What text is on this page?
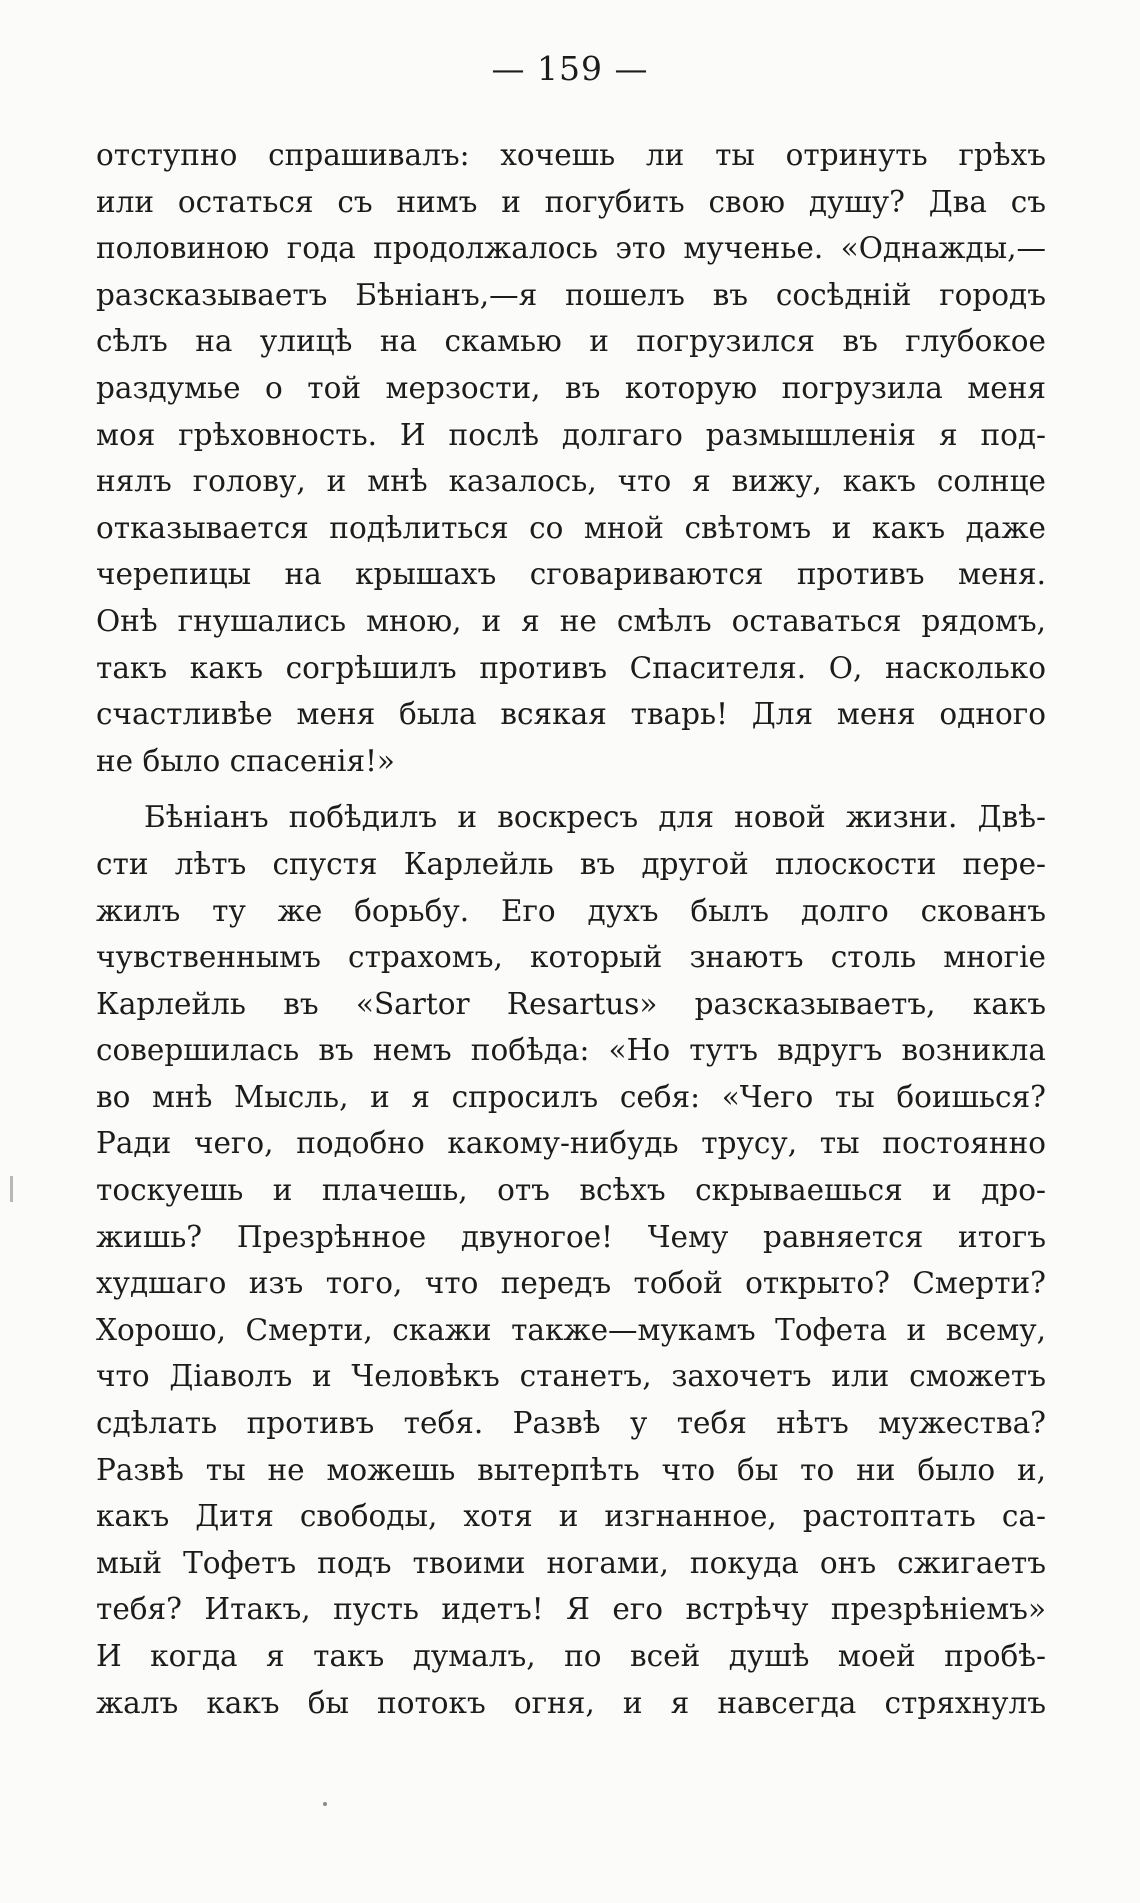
— 159 —
отступно спрашивалъ: хочешь ли ты отринуть грѣхъ
или остаться съ нимъ и погубить свою душу? Два съ
половиною года продолжалось это мученье. «Однажды,—
разсказываетъ Бѣніанъ,—я пошелъ въ сосѣдній городъ
сѣлъ на улицѣ на скамью и погрузился въ глубокое
раздумье о той мерзости, въ которую погрузила меня
моя грѣховность. И послѣ долгаго размышленія я под-
нялъ голову, и мнѣ казалось, что я вижу, какъ солнце
отказывается подѣлиться со мной свѣтомъ и какъ даже
черепицы на крышахъ сговариваются противъ меня.
Онѣ гнушались мною, и я не смѣлъ оставаться рядомъ,
такъ какъ согрѣшилъ противъ Спасителя. О, насколько
счастливѣе меня была всякая тварь! Для меня одного
не было спасенія!»
Бѣніанъ побѣдилъ и воскресъ для новой жизни. Двѣ-
сти лѣтъ спустя Карлейль въ другой плоскости пере-
жилъ ту же борьбу. Его духъ былъ долго скованъ
чувственнымъ страхомъ, который знаютъ столь многіе
Карлейль въ «Sartor Resartus» разсказываетъ, какъ
совершилась въ немъ побѣда: «Но тутъ вдругъ возникла
во мнѣ Мысль, и я спросилъ себя: «Чего ты боишься?
Ради чего, подобно какому-нибудь трусу, ты постоянно
тоскуешь и плачешь, отъ всѣхъ скрываешься и дро-
жишь? Презрѣнное двуногое! Чему равняется итогъ
худшаго изъ того, что передъ тобой открыто? Смерти?
Хорошо, Смерти, скажи также—мукамъ Тофета и всему,
что Діаволъ и Человѣкъ станетъ, захочетъ или сможетъ
сдѣлать противъ тебя. Развѣ у тебя нѣтъ мужества?
Развѣ ты не можешь вытерпѣть что бы то ни было и,
какъ Дитя свободы, хотя и изгнанное, растоптать са-
мый Тофетъ подъ твоими ногами, покуда онъ сжигаетъ
тебя? Итакъ, пусть идетъ! Я его встрѣчу презрѣніемъ»
И когда я такъ думалъ, по всей душѣ моей пробѣ-
жалъ какъ бы потокъ огня, и я навсегда стряхнулъ
